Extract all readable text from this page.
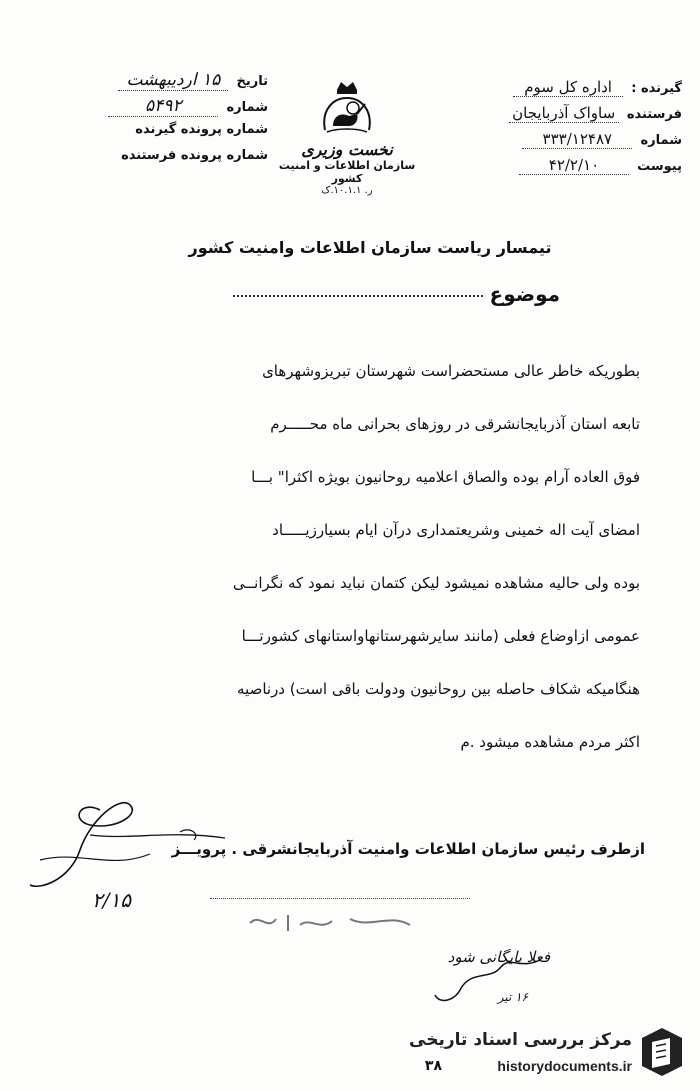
تاریخ ۱۵ اردیبهشت
شماره ۵۴۹۲
شماره پرونده گیرنده
شماره پرونده فرستنده	نخست وزیری
سازمان اطلاعات و امنیت کشور
ر. ۱۰.۱.۱.ک
گیرنده : اداره کل سوم
فرستنده ساواک آذربایجان
شماره ۳۳۳/۱۲۴۸۷
پیوست ۴۲/۲/۱۰
تیمسار ریاست سازمان اطلاعات وامنیت کشور
موضوع

بطوریکه خاطر عالی مستحضراست شهرستان تبریزوشهرهای

تابعه استان آذربایجانشرقی در روزهای بحرانی ماه محـــــرم

فوق العاده آرام بوده والصاق اعلامیه روحانیون بویژه اکثرا" بـــا

امضای آیت اله خمینی وشریعتمداری درآن ایام بسیارزیـــــاد

بوده ولی حالیه مشاهده نمیشود لیکن کتمان نباید نمود که نگرانــی

عمومی ازاوضاع فعلی (مانند سایرشهرستانهاواستانهای کشورتـــا

هنگامیکه شکاف حاصله بین روحانیون ودولت باقی است) درناصیه

اکثر مردم مشاهده میشود .م

ازطرف رئیس سازمان اطلاعات وامنیت آذربایجانشرقی . پرویـــز
۲/۱۵
فعلا بایگانی شود
۱۶ تیر
مرکز بررسی اسناد تاریخی
historydocuments.ir
۳۸
